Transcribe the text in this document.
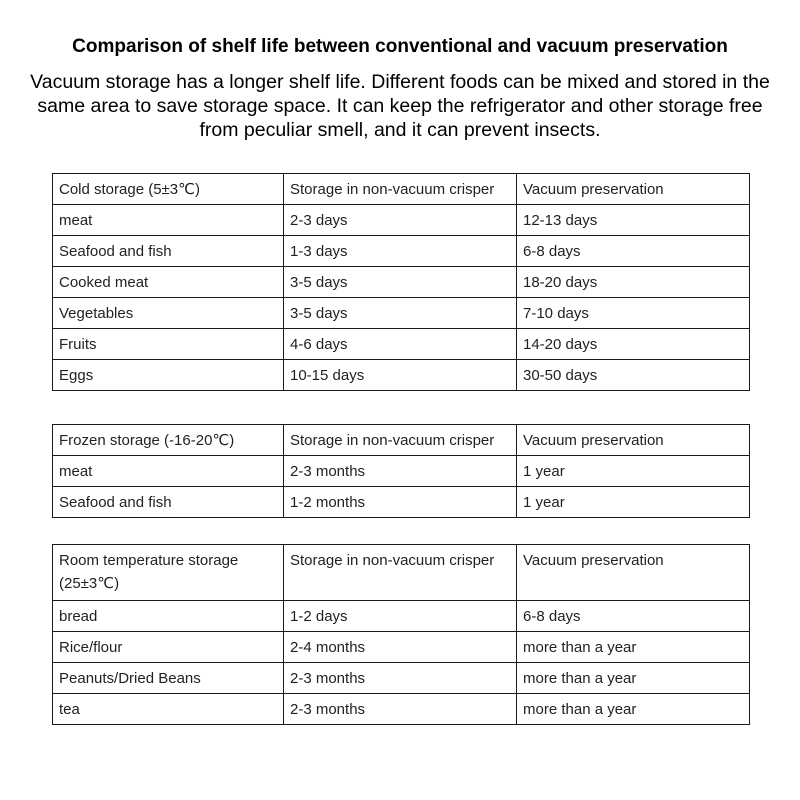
Comparison of shelf life between conventional and vacuum preservation
Vacuum storage has a longer shelf life. Different foods can be mixed and stored in the same area to save storage space. It can keep the refrigerator and other storage free from peculiar smell, and it can prevent insects.
Cold storage (5±3℃)	Storage in non-vacuum crisper	Vacuum preservation
meat	2-3 days	12-13 days
Seafood and fish	1-3 days	6-8 days
Cooked meat	3-5 days	18-20 days
Vegetables	3-5 days	7-10 days
Fruits	4-6 days	14-20 days
Eggs	10-15 days	30-50 days
Frozen storage (-16-20℃)	Storage in non-vacuum crisper	Vacuum preservation
meat	2-3 months	1 year
Seafood and fish	1-2 months	1 year
Room temperature storage (25±3℃)	Storage in non-vacuum crisper	Vacuum preservation
bread	1-2 days	6-8 days
Rice/flour	2-4 months	more than a year
Peanuts/Dried Beans	2-3 months	more than a year
tea	2-3 months	more than a year
